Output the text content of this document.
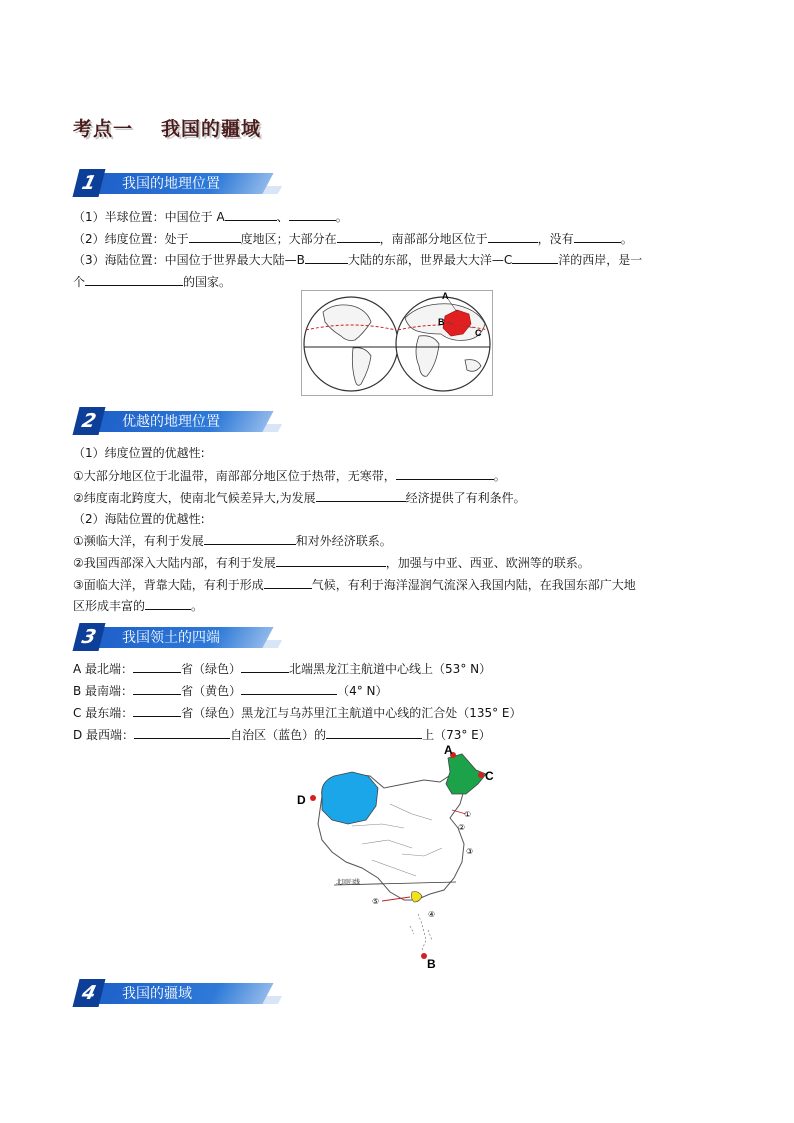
考点一 我国的疆域
1	我国的地理位置
（1）半球位置：中国位于 A	、	。
（2）纬度位置：处于	度地区；大部分在	，南部部分地区位于	，没有	。
（3）海陆位置：中国位于世界最大大陆—B	大陆的东部，世界最大大洋—C	洋的西岸，是一
个	的国家。
A
B
C
2	优越的地理位置
（1）纬度位置的优越性:
①大部分地区位于北温带，南部部分地区位于热带，无寒带，	。
②纬度南北跨度大，使南北气候差异大,为发展	经济提供了有利条件。
（2）海陆位置的优越性:
①濒临大洋，有利于发展	和对外经济联系。
②我国西部深入大陆内部，有利于发展	，加强与中亚、西亚、欧洲等的联系。
③面临大洋，背靠大陆，有利于形成	气候，有利于海洋湿润气流深入我国内陆，在我国东部广大地
区形成丰富的	。
3	我国领土的四端
A 最北端：	省（绿色）	北端黑龙江主航道中心线上（53° N）
B 最南端：	省（黄色）	（4° N）
C 最东端：	省（绿色）黑龙江与乌苏里江主航道中心线的汇合处（135° E）
D 最西端：	自治区（蓝色）的	上（73° E）
A
B
C
D
北回归线
①
②
③
④
⑤
4	我国的疆域
